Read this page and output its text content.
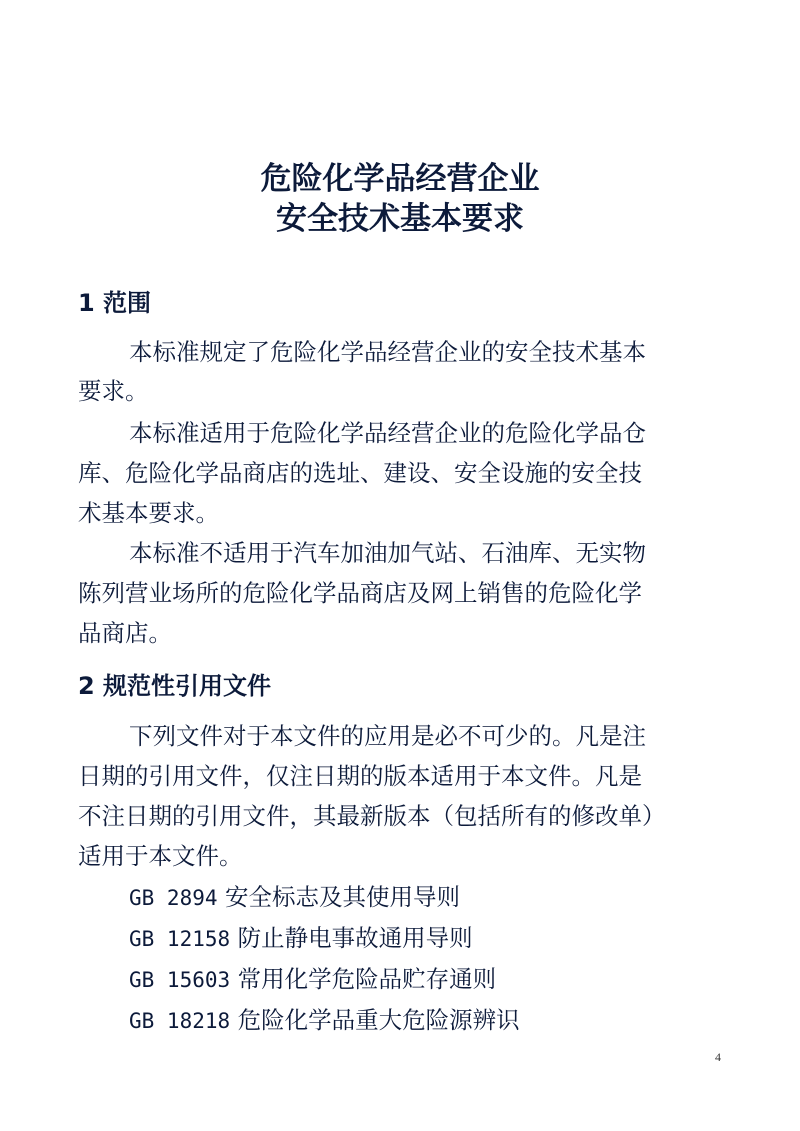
危险化学品经营企业
安全技术基本要求
1 范围

本标准规定了危险化学品经营企业的安全技术基本

要求。

本标准适用于危险化学品经营企业的危险化学品仓

库、危险化学品商店的选址、建设、安全设施的安全技

术基本要求。

本标准不适用于汽车加油加气站、石油库、无实物

陈列营业场所的危险化学品商店及网上销售的危险化学

品商店。

2 规范性引用文件

下列文件对于本文件的应用是必不可少的。凡是注

日期的引用文件，仅注日期的版本适用于本文件。凡是

不注日期的引用文件，其最新版本（包括所有的修改单）

适用于本文件。

GB 2894 安全标志及其使用导则

GB 12158 防止静电事故通用导则

GB 15603 常用化学危险品贮存通则

GB 18218 危险化学品重大危险源辨识

4
